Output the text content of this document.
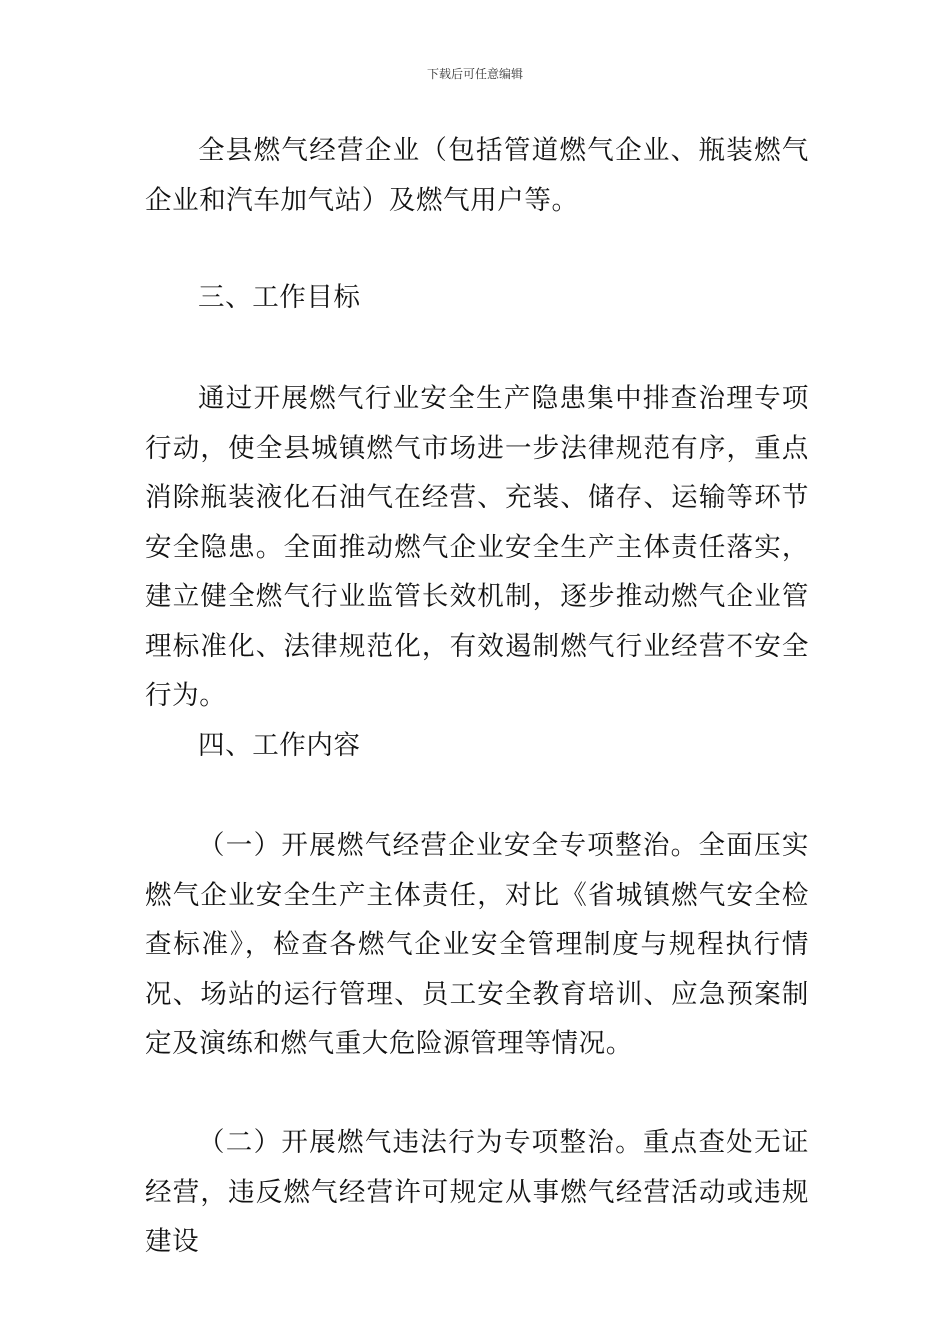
下载后可任意编辑

全县燃气经营企业（包括管道燃气企业、瓶装燃气企业和汽车加气站）及燃气用户等。

三、工作目标

通过开展燃气行业安全生产隐患集中排查治理专项行动，使全县城镇燃气市场进一步法律规范有序，重点消除瓶装液化石油气在经营、充装、储存、运输等环节安全隐患。全面推动燃气企业安全生产主体责任落实，建立健全燃气行业监管长效机制，逐步推动燃气企业管理标准化、法律规范化，有效遏制燃气行业经营不安全行为。

四、工作内容

（一）开展燃气经营企业安全专项整治。全面压实燃气企业安全生产主体责任，对比《省城镇燃气安全检查标准》，检查各燃气企业安全管理制度与规程执行情况、场站的运行管理、员工安全教育培训、应急预案制定及演练和燃气重大危险源管理等情况。

（二）开展燃气违法行为专项整治。重点查处无证经营，违反燃气经营许可规定从事燃气经营活动或违规建设
